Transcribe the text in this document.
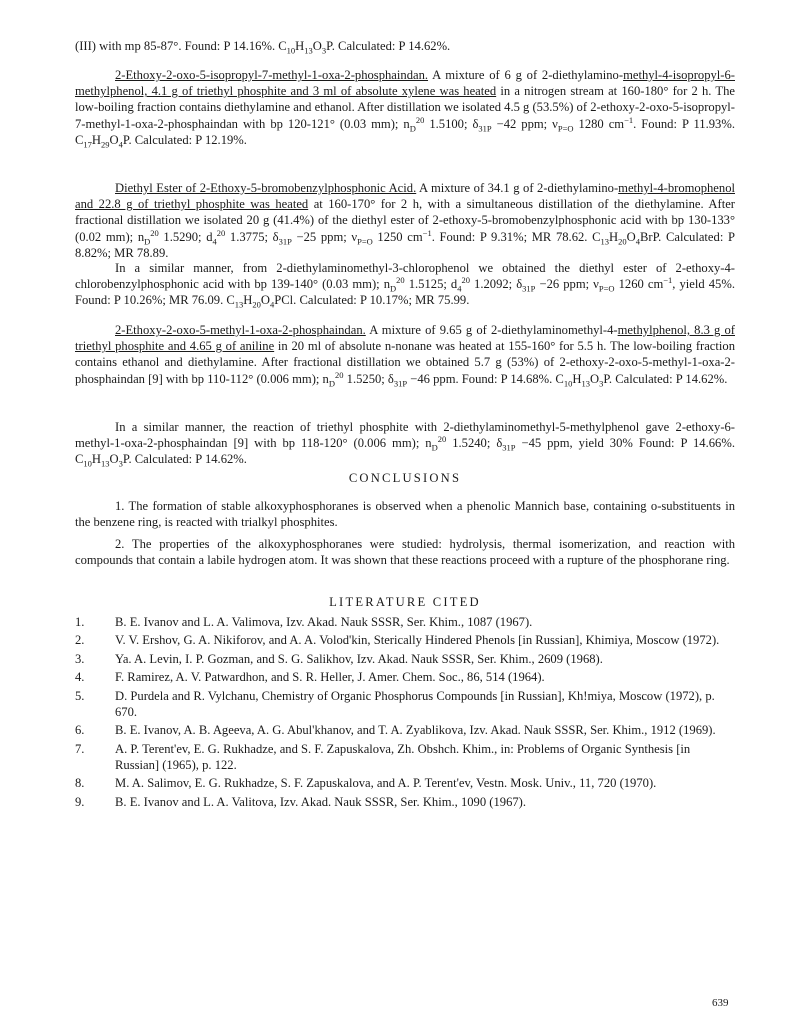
(III) with mp 85-87°. Found: P 14.16%. $C_{10}H_{13}O_3P$. Calculated: P 14.62%.

2-Ethoxy-2-oxo-5-isopropyl-7-methyl-1-oxa-2-phosphaindan. A mixture of 6 g of 2-diethylamino-methyl-4-isopropyl-6-methylphenol, 4.1 g of triethyl phosphite and 3 ml of absolute xylene was heated in a nitrogen stream at 160-180° for 2 h. The low-boiling fraction contains diethylamine and ethanol. After distillation we isolated 4.5 g (53.5%) of 2-ethoxy-2-oxo-5-isopropyl-7-methyl-1-oxa-2-phosphaindan with bp 120-121° (0.03 mm); $n_D^{20}$ 1.5100; $\delta_{31P} -42$ ppm; $\nu_{P=O}$ 1280 $cm^{-1}$. Found: P 11.93%. $C_{17}H_{29}O_4P$. Calculated: P 12.19%.

Diethyl Ester of 2-Ethoxy-5-bromobenzylphosphonic Acid. A mixture of 34.1 g of 2-diethylamino-methyl-4-bromophenol and 22.8 g of triethyl phosphite was heated at 160-170° for 2 h, with a simultaneous distillation of the diethylamine. After fractional distillation we isolated 20 g (41.4%) of the diethyl ester of 2-ethoxy-5-bromobenzylphosphonic acid with bp 130-133° (0.02 mm); $n_D^{20}$ 1.5290; $d_4^{20}$ 1.3775; $\delta_{31P} -25$ ppm; $\nu_{P=O}$ 1250 $cm^{-1}$. Found: P 9.31%; MR 78.62. $C_{13}H_{20}O_4BrP$. Calculated: P 8.82%; MR 78.89.

In a similar manner, from 2-diethylaminomethyl-3-chlorophenol we obtained the diethyl ester of 2-ethoxy-4-chlorobenzylphosphonic acid with bp 139-140° (0.03 mm); $n_D^{20}$ 1.5125; $d_4^{20}$ 1.2092; $\delta_{31P} -26$ ppm; $\nu_{P=O}$ 1260 $cm^{-1}$, yield 45%. Found: P 10.26%; MR 76.09. $C_{13}H_{20}O_4PCl$. Calculated: P 10.17%; MR 75.99.

2-Ethoxy-2-oxo-5-methyl-1-oxa-2-phosphaindan. A mixture of 9.65 g of 2-diethylaminomethyl-4-methylphenol, 8.3 g of triethyl phosphite and 4.65 g of aniline in 20 ml of absolute n-nonane was heated at 155-160° for 5.5 h. The low-boiling fraction contains ethanol and diethylamine. After fractional distillation we obtained 5.7 g (53%) of 2-ethoxy-2-oxo-5-methyl-1-oxa-2-phosphaindan [9] with bp 110-112° (0.006 mm); $n_D^{20}$ 1.5250; $\delta_{31P} -46$ ppm. Found: P 14.68%. $C_{10}H_{13}O_3P$. Calculated: P 14.62%.

In a similar manner, the reaction of triethyl phosphite with 2-diethylaminomethyl-5-methylphenol gave 2-ethoxy-6-methyl-1-oxa-2-phosphaindan [9] with bp 118-120° (0.006 mm); $n_D^{20}$ 1.5240; $\delta_{31P} -45$ ppm, yield 30% Found: P 14.66%. $C_{10}H_{13}O_3P$. Calculated: P 14.62%.

CONCLUSIONS

1. The formation of stable alkoxyphosphoranes is observed when a phenolic Mannich base, containing o-substituents in the benzene ring, is reacted with trialkyl phosphites.

2. The properties of the alkoxyphosphoranes were studied: hydrolysis, thermal isomerization, and reaction with compounds that contain a labile hydrogen atom. It was shown that these reactions proceed with a rupture of the phosphorane ring.

LITERATURE CITED
1.	B. E. Ivanov and L. A. Valimova, Izv. Akad. Nauk SSSR, Ser. Khim., 1087 (1967).
2.	V. V. Ershov, G. A. Nikiforov, and A. A. Volod'kin, Sterically Hindered Phenols [in Russian], Khimiya, Moscow (1972).
3.	Ya. A. Levin, I. P. Gozman, and S. G. Salikhov, Izv. Akad. Nauk SSSR, Ser. Khim., 2609 (1968).
4.	F. Ramirez, A. V. Patwardhon, and S. R. Heller, J. Amer. Chem. Soc., 86, 514 (1964).
5.	D. Purdela and R. Vylchanu, Chemistry of Organic Phosphorus Compounds [in Russian], Kh!miya, Moscow (1972), p. 670.
6.	B. E. Ivanov, A. B. Ageeva, A. G. Abul'khanov, and T. A. Zyablikova, Izv. Akad. Nauk SSSR, Ser. Khim., 1912 (1969).
7.	A. P. Terent'ev, E. G. Rukhadze, and S. F. Zapuskalova, Zh. Obshch. Khim., in: Problems of Organic Synthesis [in Russian] (1965), p. 122.
8.	M. A. Salimov, E. G. Rukhadze, S. F. Zapuskalova, and A. P. Terent'ev, Vestn. Mosk. Univ., 11, 720 (1970).
9.	B. E. Ivanov and L. A. Valitova, Izv. Akad. Nauk SSSR, Ser. Khim., 1090 (1967).
639
